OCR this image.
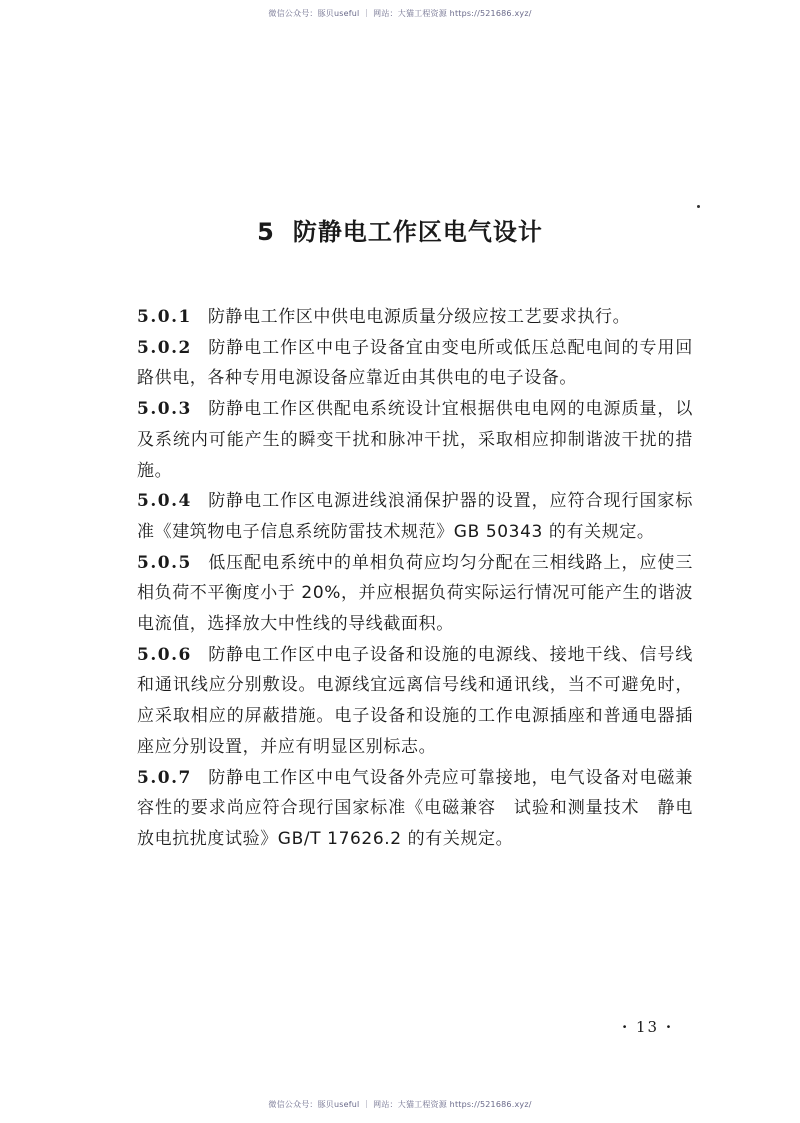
微信公众号：豚贝useful ｜ 网站：大猫工程资源 https://521686.xyz/
5 防静电工作区电气设计

5.0.1 防静电工作区中供电电源质量分级应按工艺要求执行。

5.0.2 防静电工作区中电子设备宜由变电所或低压总配电间的专用回路供电，各种专用电源设备应靠近由其供电的电子设备。

5.0.3 防静电工作区供配电系统设计宜根据供电电网的电源质量，以及系统内可能产生的瞬变干扰和脉冲干扰，采取相应抑制谐波干扰的措施。

5.0.4 防静电工作区电源进线浪涌保护器的设置，应符合现行国家标准《建筑物电子信息系统防雷技术规范》GB 50343 的有关规定。

5.0.5 低压配电系统中的单相负荷应均匀分配在三相线路上，应使三相负荷不平衡度小于 20%，并应根据负荷实际运行情况可能产生的谐波电流值，选择放大中性线的导线截面积。

5.0.6 防静电工作区中电子设备和设施的电源线、接地干线、信号线和通讯线应分别敷设。电源线宜远离信号线和通讯线，当不可避免时，应采取相应的屏蔽措施。电子设备和设施的工作电源插座和普通电器插座应分别设置，并应有明显区别标志。

5.0.7 防静电工作区中电气设备外壳应可靠接地，电气设备对电磁兼容性的要求尚应符合现行国家标准《电磁兼容　试验和测量技术　静电放电抗扰度试验》GB/T 17626.2 的有关规定。

· 13 ·
微信公众号：豚贝useful ｜ 网站：大猫工程资源 https://521686.xyz/
